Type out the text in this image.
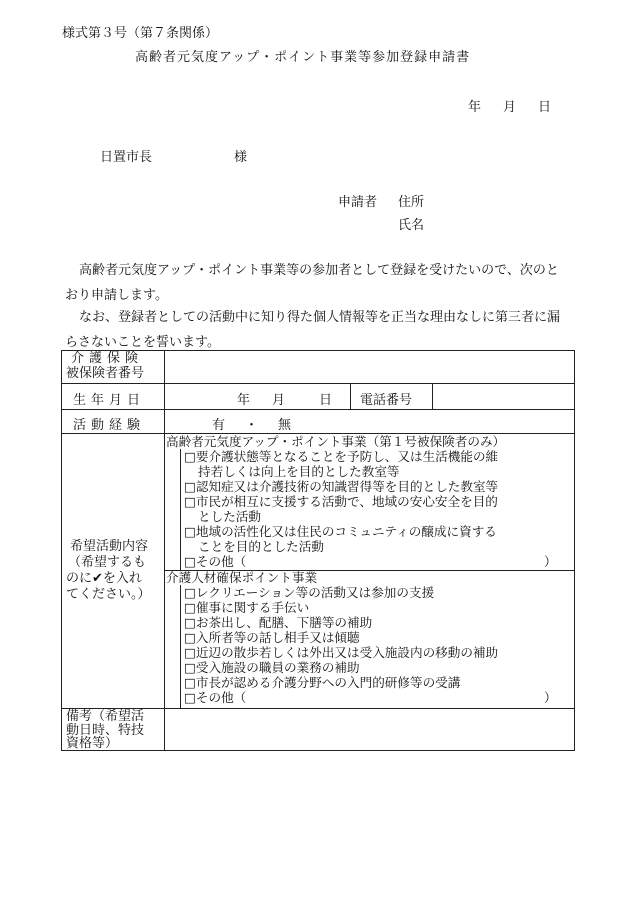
様式第３号（第７条関係）
高齢者元気度アップ・ポイント事業等参加登録申請書
年 月 日
日置市長	様
申請者 住所
氏名
高齢者元気度アップ・ポイント事業等の参加者として登録を受けたいので、次のとおり申請します。
なお、登録者としての活動中に知り得た個人情報等を正当な理由なしに第三者に漏らさないことを誓います。
介護保険
被保険者番号
生年月日	年 月	日 電話番号
活動経験	有 ・ 無
希望活動内容
（希望するも
のに✔を入れ
てください。）
高齢者元気度アップ・ポイント事業（第１号被保険者のみ）
□要介護状態等となることを予防し、又は生活機能の維
持若しくは向上を目的とした教室等
□認知症又は介護技術の知識習得等を目的とした教室等
□市民が相互に支援する活動で、地域の安心安全を目的
とした活動
□地域の活性化又は住民のコミュニティの醸成に資する
ことを目的とした活動
□その他（	）
介護人材確保ポイント事業
□レクリエーション等の活動又は参加の支援
□催事に関する手伝い
□お茶出し、配膳、下膳等の補助
□入所者等の話し相手又は傾聴
□近辺の散歩若しくは外出又は受入施設内の移動の補助
□受入施設の職員の業務の補助
□市長が認める介護分野への入門的研修等の受講
□その他（	）
備考（希望活
動日時、特技
資格等）
